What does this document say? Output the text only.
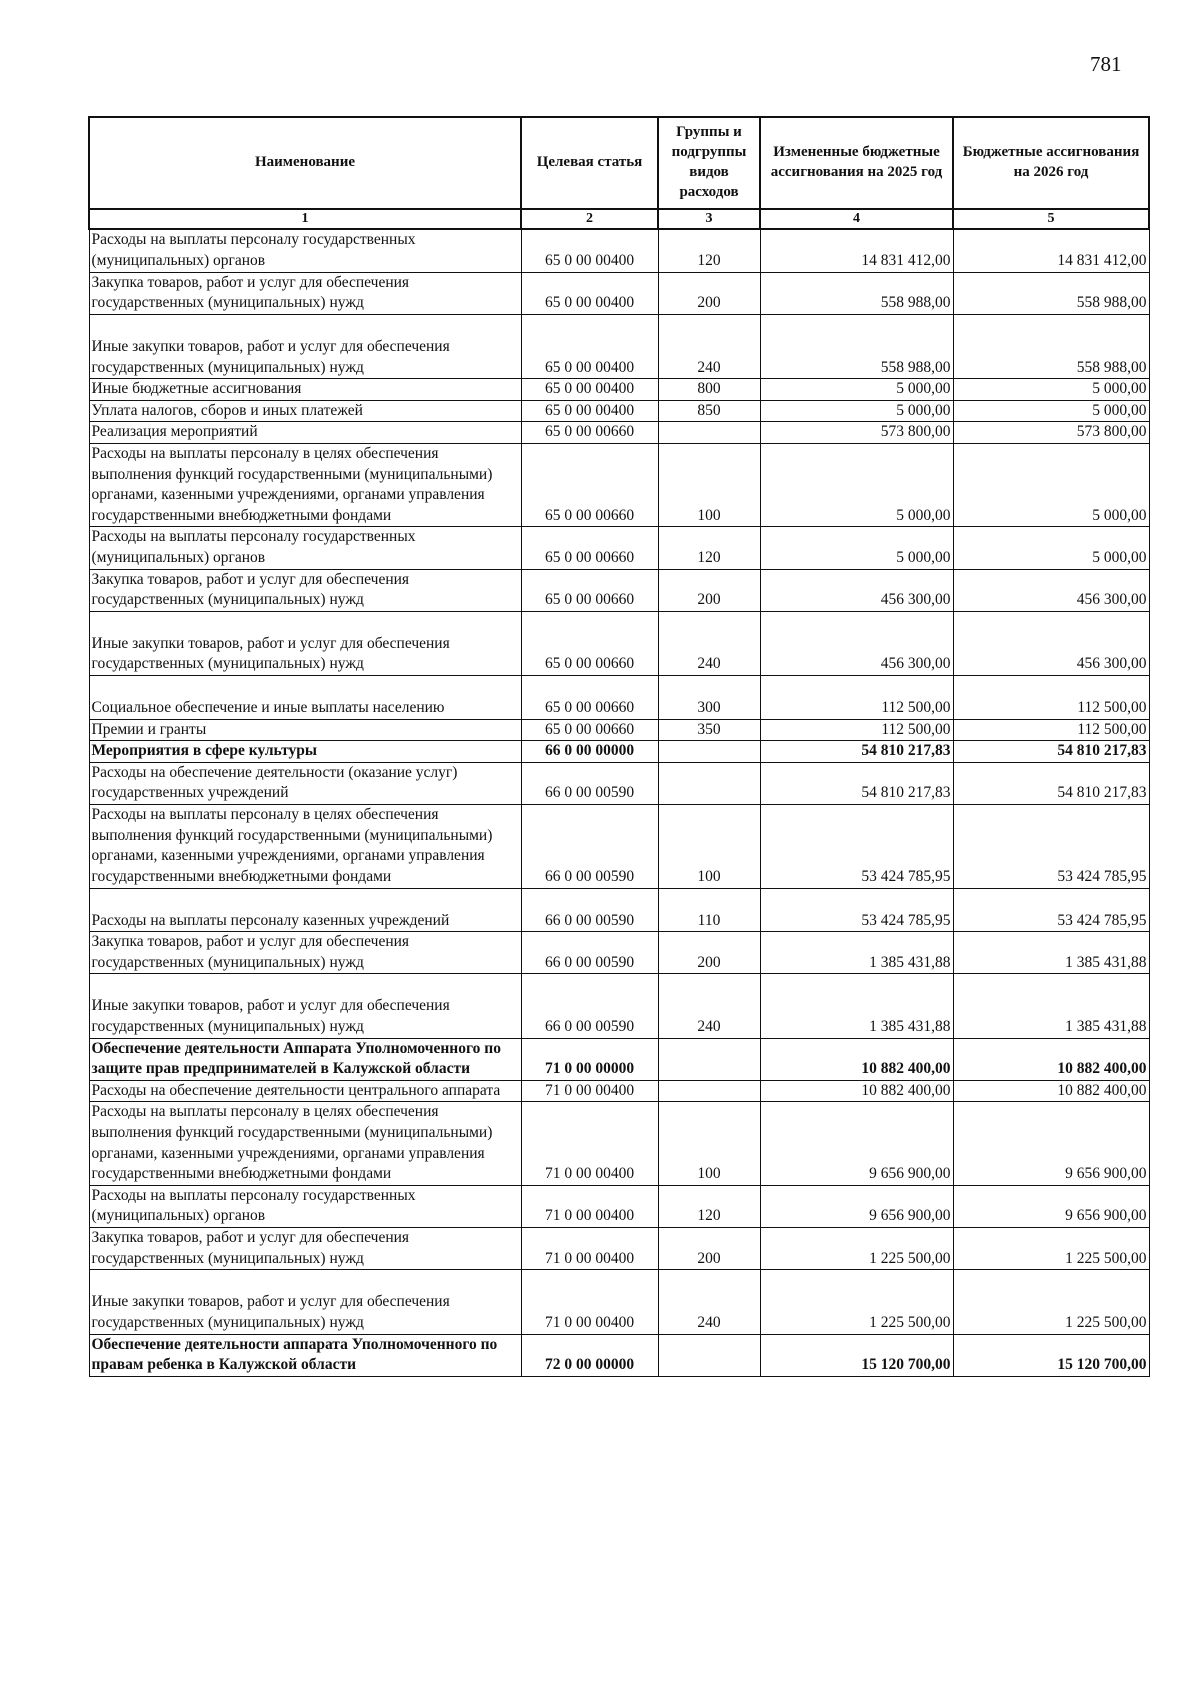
781
Наименование	Целевая статья	Группы и подгруппы видов расходов	Измененные бюджетные ассигнования на 2025 год	Бюджетные ассигнования на 2026 год
1	2	3	4	5
Расходы на выплаты персоналу государственных (муниципальных) органов	65 0 00 00400	120	14 831 412,00	14 831 412,00
Закупка товаров, работ и услуг для обеспечения государственных (муниципальных) нужд	65 0 00 00400	200	558 988,00	558 988,00
Иные закупки товаров, работ и услуг для обеспечения государственных (муниципальных) нужд	65 0 00 00400	240	558 988,00	558 988,00
Иные бюджетные ассигнования	65 0 00 00400	800	5 000,00	5 000,00
Уплата налогов, сборов и иных платежей	65 0 00 00400	850	5 000,00	5 000,00
Реализация мероприятий	65 0 00 00660		573 800,00	573 800,00
Расходы на выплаты персоналу в целях обеспечения выполнения функций государственными (муниципальными) органами, казенными учреждениями, органами управления государственными внебюджетными фондами	65 0 00 00660	100	5 000,00	5 000,00
Расходы на выплаты персоналу государственных (муниципальных) органов	65 0 00 00660	120	5 000,00	5 000,00
Закупка товаров, работ и услуг для обеспечения государственных (муниципальных) нужд	65 0 00 00660	200	456 300,00	456 300,00
Иные закупки товаров, работ и услуг для обеспечения государственных (муниципальных) нужд	65 0 00 00660	240	456 300,00	456 300,00
Социальное обеспечение и иные выплаты населению	65 0 00 00660	300	112 500,00	112 500,00
Премии и гранты	65 0 00 00660	350	112 500,00	112 500,00
Мероприятия в сфере культуры	66 0 00 00000		54 810 217,83	54 810 217,83
Расходы на обеспечение деятельности (оказание услуг) государственных учреждений	66 0 00 00590		54 810 217,83	54 810 217,83
Расходы на выплаты персоналу в целях обеспечения выполнения функций государственными (муниципальными) органами, казенными учреждениями, органами управления государственными внебюджетными фондами	66 0 00 00590	100	53 424 785,95	53 424 785,95
Расходы на выплаты персоналу казенных учреждений	66 0 00 00590	110	53 424 785,95	53 424 785,95
Закупка товаров, работ и услуг для обеспечения государственных (муниципальных) нужд	66 0 00 00590	200	1 385 431,88	1 385 431,88
Иные закупки товаров, работ и услуг для обеспечения государственных (муниципальных) нужд	66 0 00 00590	240	1 385 431,88	1 385 431,88
Обеспечение деятельности Аппарата Уполномоченного по защите прав предпринимателей в Калужской области	71 0 00 00000		10 882 400,00	10 882 400,00
Расходы на обеспечение деятельности центрального аппарата	71 0 00 00400		10 882 400,00	10 882 400,00
Расходы на выплаты персоналу в целях обеспечения выполнения функций государственными (муниципальными) органами, казенными учреждениями, органами управления государственными внебюджетными фондами	71 0 00 00400	100	9 656 900,00	9 656 900,00
Расходы на выплаты персоналу государственных (муниципальных) органов	71 0 00 00400	120	9 656 900,00	9 656 900,00
Закупка товаров, работ и услуг для обеспечения государственных (муниципальных) нужд	71 0 00 00400	200	1 225 500,00	1 225 500,00
Иные закупки товаров, работ и услуг для обеспечения государственных (муниципальных) нужд	71 0 00 00400	240	1 225 500,00	1 225 500,00
Обеспечение деятельности аппарата Уполномоченного по правам ребенка в Калужской области	72 0 00 00000		15 120 700,00	15 120 700,00
